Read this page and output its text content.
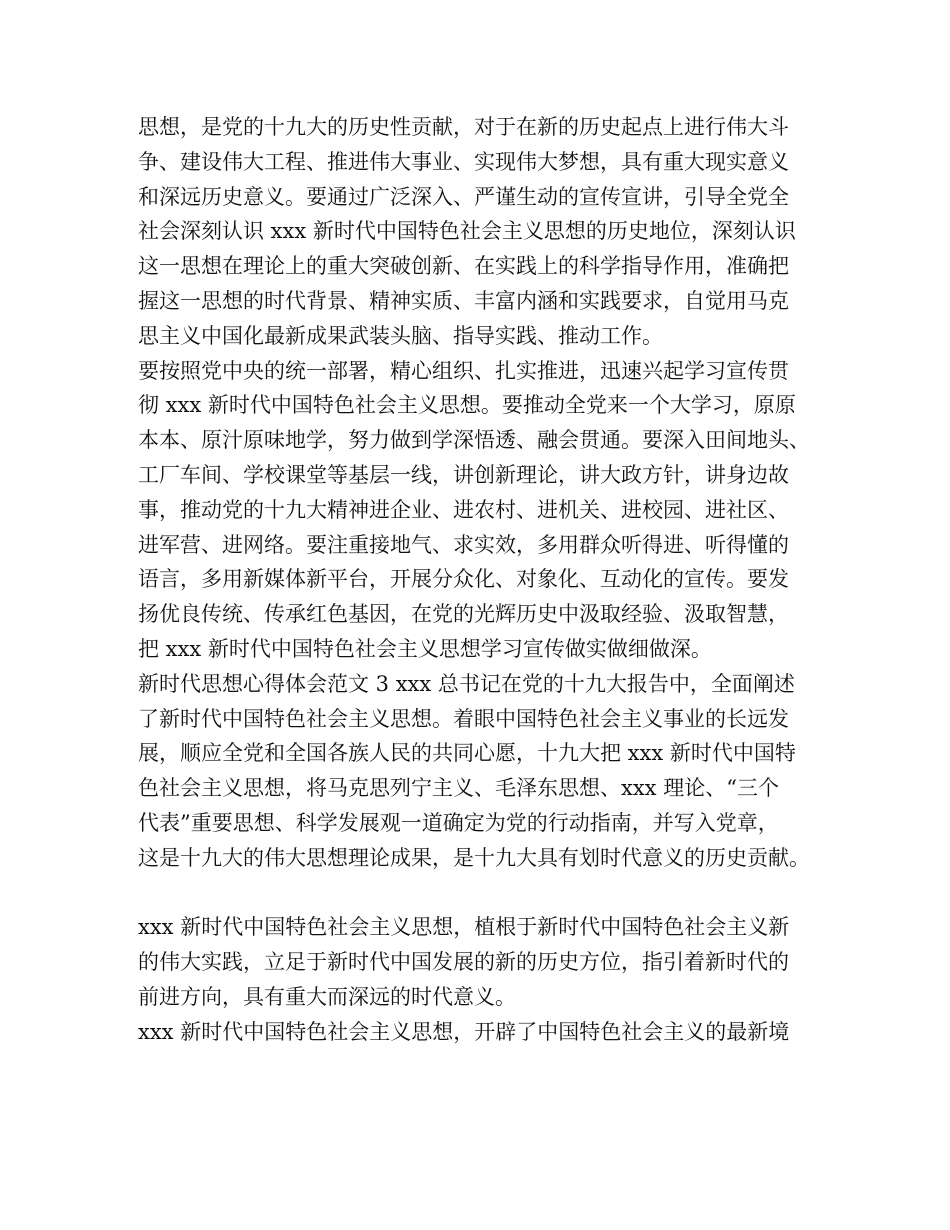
思想，是党的十九大的历史性贡献，对于在新的历史起点上进行伟大斗
争、建设伟大工程、推进伟大事业、实现伟大梦想，具有重大现实意义
和深远历史意义。要通过广泛深入、严谨生动的宣传宣讲，引导全党全
社会深刻认识 xxx 新时代中国特色社会主义思想的历史地位，深刻认识
这一思想在理论上的重大突破创新、在实践上的科学指导作用，准确把
握这一思想的时代背景、精神实质、丰富内涵和实践要求，自觉用马克
思主义中国化最新成果武装头脑、指导实践、推动工作。
要按照党中央的统一部署，精心组织、扎实推进，迅速兴起学习宣传贯
彻 xxx 新时代中国特色社会主义思想。要推动全党来一个大学习，原原
本本、原汁原味地学，努力做到学深悟透、融会贯通。要深入田间地头、
工厂车间、学校课堂等基层一线，讲创新理论，讲大政方针，讲身边故
事，推动党的十九大精神进企业、进农村、进机关、进校园、进社区、
进军营、进网络。要注重接地气、求实效，多用群众听得进、听得懂的
语言，多用新媒体新平台，开展分众化、对象化、互动化的宣传。要发
扬优良传统、传承红色基因，在党的光辉历史中汲取经验、汲取智慧，
把 xxx 新时代中国特色社会主义思想学习宣传做实做细做深。
新时代思想心得体会范文 3 xxx 总书记在党的十九大报告中，全面阐述
了新时代中国特色社会主义思想。着眼中国特色社会主义事业的长远发
展，顺应全党和全国各族人民的共同心愿，十九大把 xxx 新时代中国特
色社会主义思想，将马克思列宁主义、毛泽东思想、xxx 理论、“三个
代表”重要思想、科学发展观一道确定为党的行动指南，并写入党章，
这是十九大的伟大思想理论成果，是十九大具有划时代意义的历史贡献。
xxx 新时代中国特色社会主义思想，植根于新时代中国特色社会主义新
的伟大实践，立足于新时代中国发展的新的历史方位，指引着新时代的
前进方向，具有重大而深远的时代意义。
xxx 新时代中国特色社会主义思想，开辟了中国特色社会主义的最新境
